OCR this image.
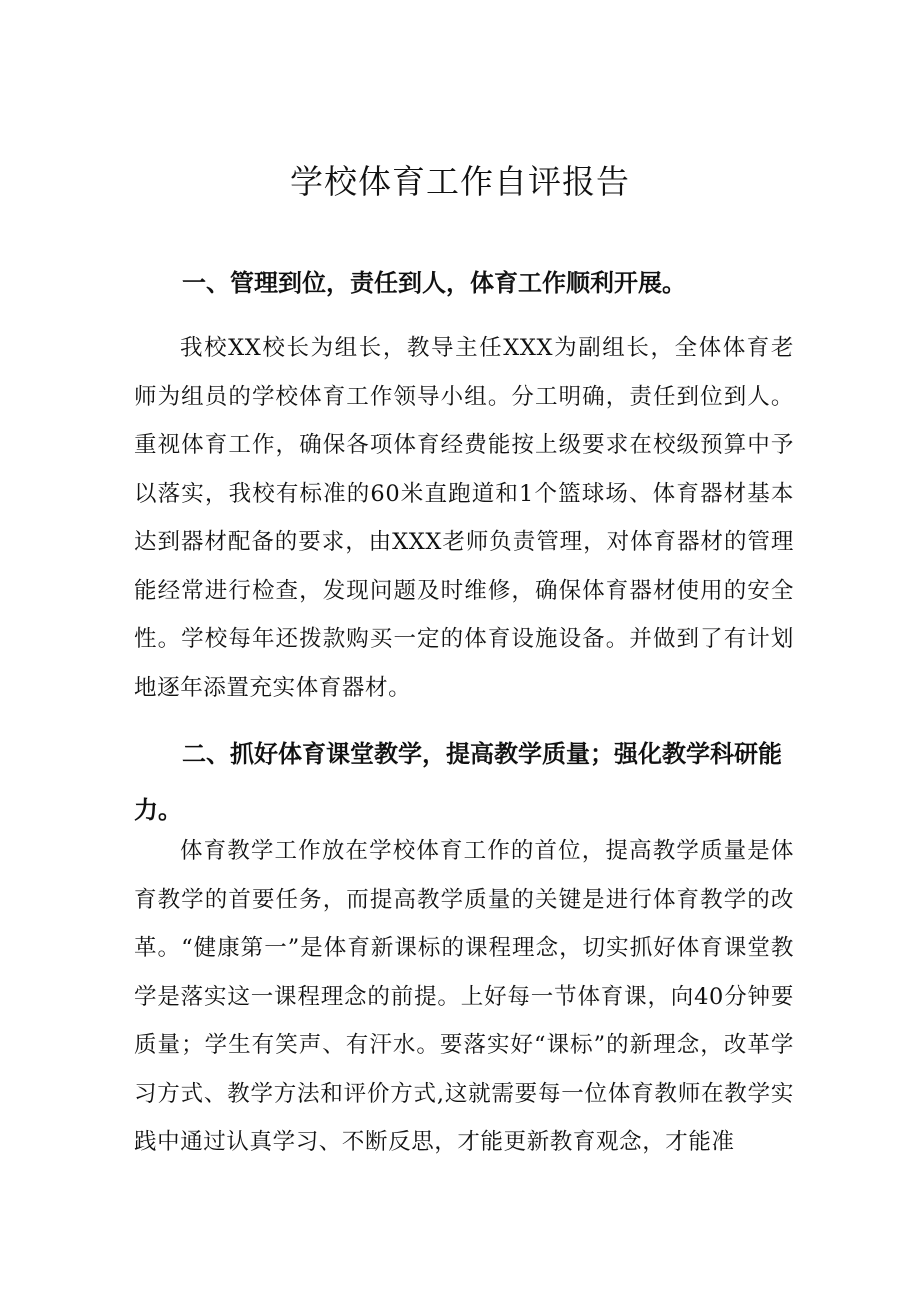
学校体育工作自评报告
一、管理到位，责任到人，体育工作顺利开展。

我校XX校长为组长，教导主任XXX为副组长，全体体育老师为组员的学校体育工作领导小组。分工明确，责任到位到人。重视体育工作，确保各项体育经费能按上级要求在校级预算中予以落实，我校有标准的60米直跑道和1个篮球场、体育器材基本达到器材配备的要求，由XXX老师负责管理，对体育器材的管理能经常进行检查，发现问题及时维修，确保体育器材使用的安全性。学校每年还拨款购买一定的体育设施设备。并做到了有计划地逐年添置充实体育器材。

二、抓好体育课堂教学，提高教学质量；强化教学科研能力。

体育教学工作放在学校体育工作的首位，提高教学质量是体育教学的首要任务，而提高教学质量的关键是进行体育教学的改革。“健康第一”是体育新课标的课程理念，切实抓好体育课堂教学是落实这一课程理念的前提。上好每一节体育课，向40分钟要质量；学生有笑声、有汗水。要落实好“课标”的新理念，改革学习方式、教学方法和评价方式,这就需要每一位体育教师在教学实践中通过认真学习、不断反思，才能更新教育观念，才能准
